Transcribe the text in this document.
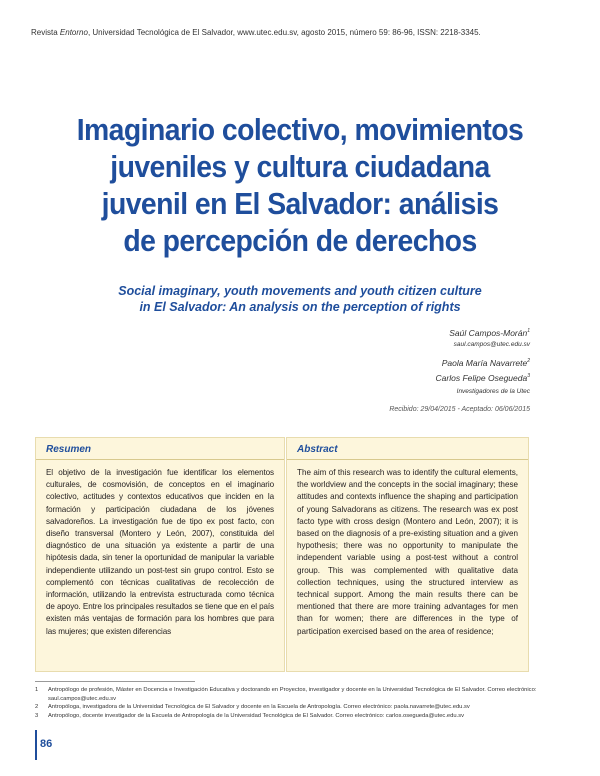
Revista Entorno, Universidad Tecnológica de El Salvador, www.utec.edu.sv, agosto 2015, número 59: 86-96, ISSN: 2218-3345.
Imaginario colectivo, movimientos
juveniles y cultura ciudadana
juvenil en El Salvador: análisis
de percepción de derechos
Social imaginary, youth movements and youth citizen culture
in El Salvador: An analysis on the perception of rights
Saúl Campos-Morán$^1$
saul.campos@utec.edu.sv
Paola María Navarrete$^2$
Carlos Felipe Osegueda$^3$
Investigadores de la Utec
Recibido: 29/04/2015 - Aceptado: 06/06/2015
Resumen
El objetivo de la investigación fue identificar los elementos culturales, de cosmovisión, de conceptos en el imaginario colectivo, actitudes y contextos educativos que inciden en la formación y participación ciudadana de los jóvenes salvadoreños. La investigación fue de tipo ex post facto, con diseño transversal (Montero y León, 2007), constituida del diagnóstico de una situación ya existente a partir de una hipótesis dada, sin tener la oportunidad de manipular la variable independiente utilizando un post-test sin grupo control. Esto se complementó con técnicas cualitativas de recolección de información, utilizando la entrevista estructurada como técnica de apoyo. Entre los principales resultados se tiene que en el país existen más ventajas de formación para los hombres que para las mujeres; que existen diferencias
Abstract
The aim of this research was to identify the cultural elements, the worldview and the concepts in the social imaginary; these attitudes and contexts influence the shaping and participation of young Salvadorans as citizens. The research was ex post facto type with cross design (Montero and León, 2007); it is based on the diagnosis of a pre-existing situation and a given hypothesis; there was no opportunity to manipulate the independent variable using a post-test without a control group. This was complemented with qualitative data collection techniques, using the structured interview as technical support. Among the main results there can be mentioned that there are more training advantages for men than for women; there are differences in the type of participation exercised based on the area of residence;
1 Antropólogo de profesión, Máster en Docencia e Investigación Educativa y doctorando en Proyectos, investigador y docente en la Universidad Tecnológica de El Salvador. Correo electrónico: saul.campos@utec.edu.sv
2 Antropóloga, investigadora de la Universidad Tecnológica de El Salvador y docente en la Escuela de Antropología. Correo electrónico: paola.navarrete@utec.edu.sv
3 Antropólogo, docente investigador de la Escuela de Antropología de la Universidad Tecnológica de El Salvador. Correo electrónico: carlos.osegueda@utec.edu.sv
86
